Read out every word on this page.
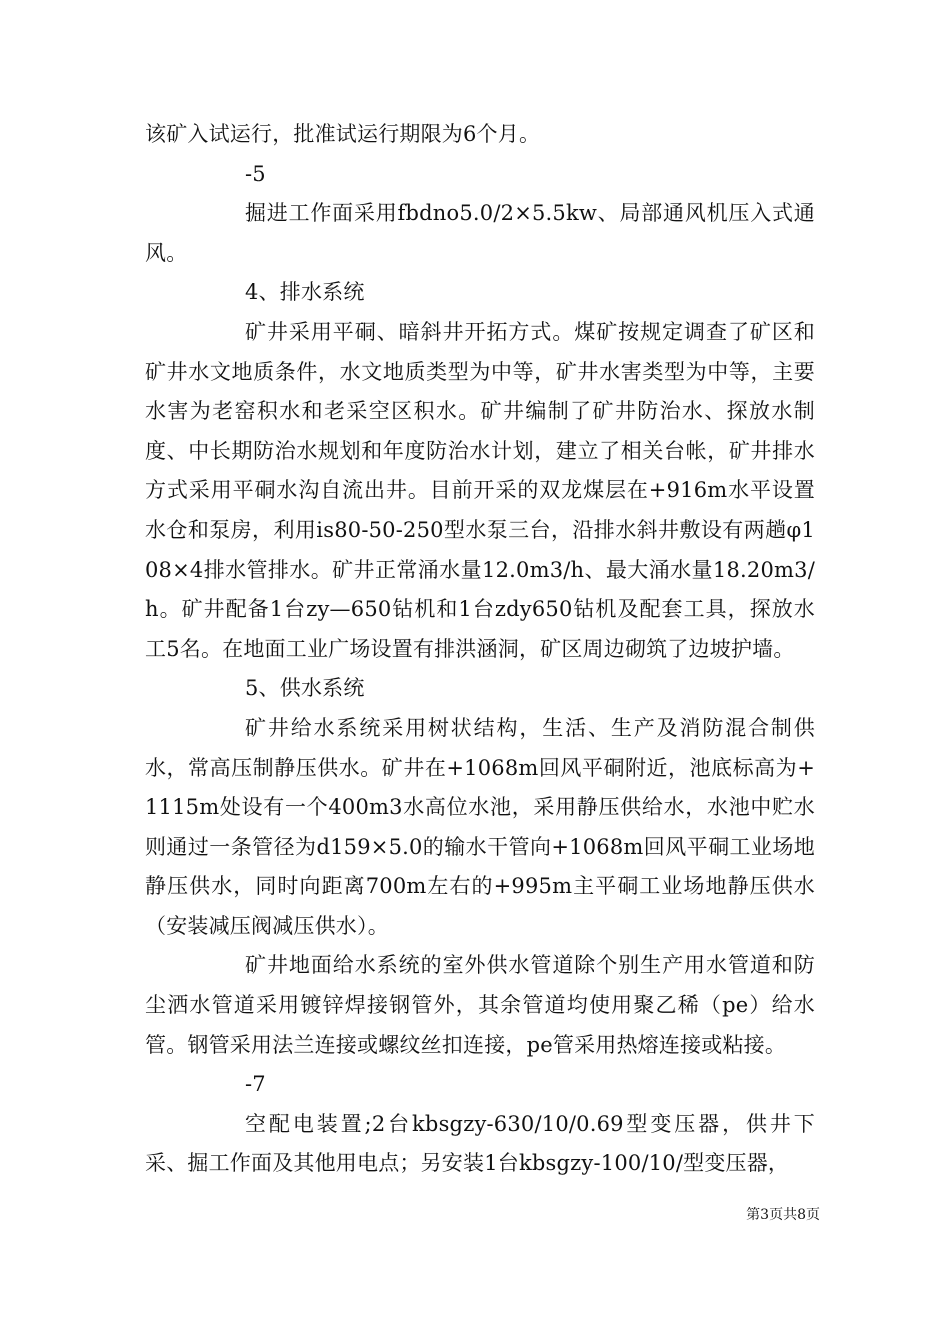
该矿入试运行，批准试运行期限为6个月。

-5

掘进工作面采用fbdno5.0/2×5.5kw、局部通风机压入式通风。

4、排水系统

矿井采用平硐、暗斜井开拓方式。煤矿按规定调查了矿区和矿井水文地质条件，水文地质类型为中等，矿井水害类型为中等，主要水害为老窑积水和老采空区积水。矿井编制了矿井防治水、探放水制度、中长期防治水规划和年度防治水计划，建立了相关台帐，矿井排水方式采用平硐水沟自流出井。目前开采的双龙煤层在+916m水平设置水仓和泵房，利用is80-50-250型水泵三台，沿排水斜井敷设有两趟φ108×4排水管排水。矿井正常涌水量12.0m3/h、最大涌水量18.20m3/h。矿井配备1台zy—650钻机和1台zdy650钻机及配套工具，探放水工5名。在地面工业广场设置有排洪涵洞，矿区周边砌筑了边坡护墙。

5、供水系统

矿井给水系统采用树状结构，生活、生产及消防混合制供水，常高压制静压供水。矿井在+1068m回风平硐附近，池底标高为+1115m处设有一个400m3水高位水池，采用静压供给水，水池中贮水则通过一条管径为d159×5.0的输水干管向+1068m回风平硐工业场地静压供水，同时向距离700m左右的+995m主平硐工业场地静压供水（安装减压阀减压供水）。

矿井地面给水系统的室外供水管道除个别生产用水管道和防尘洒水管道采用镀锌焊接钢管外，其余管道均使用聚乙稀（pe）给水管。钢管采用法兰连接或螺纹丝扣连接，pe管采用热熔连接或粘接。

-7

空配电装置;2台kbsgzy-630/10/0.69型变压器，供井下采、掘工作面及其他用电点；另安装1台kbsgzy-100/10/型变压器，

第3页共8页
